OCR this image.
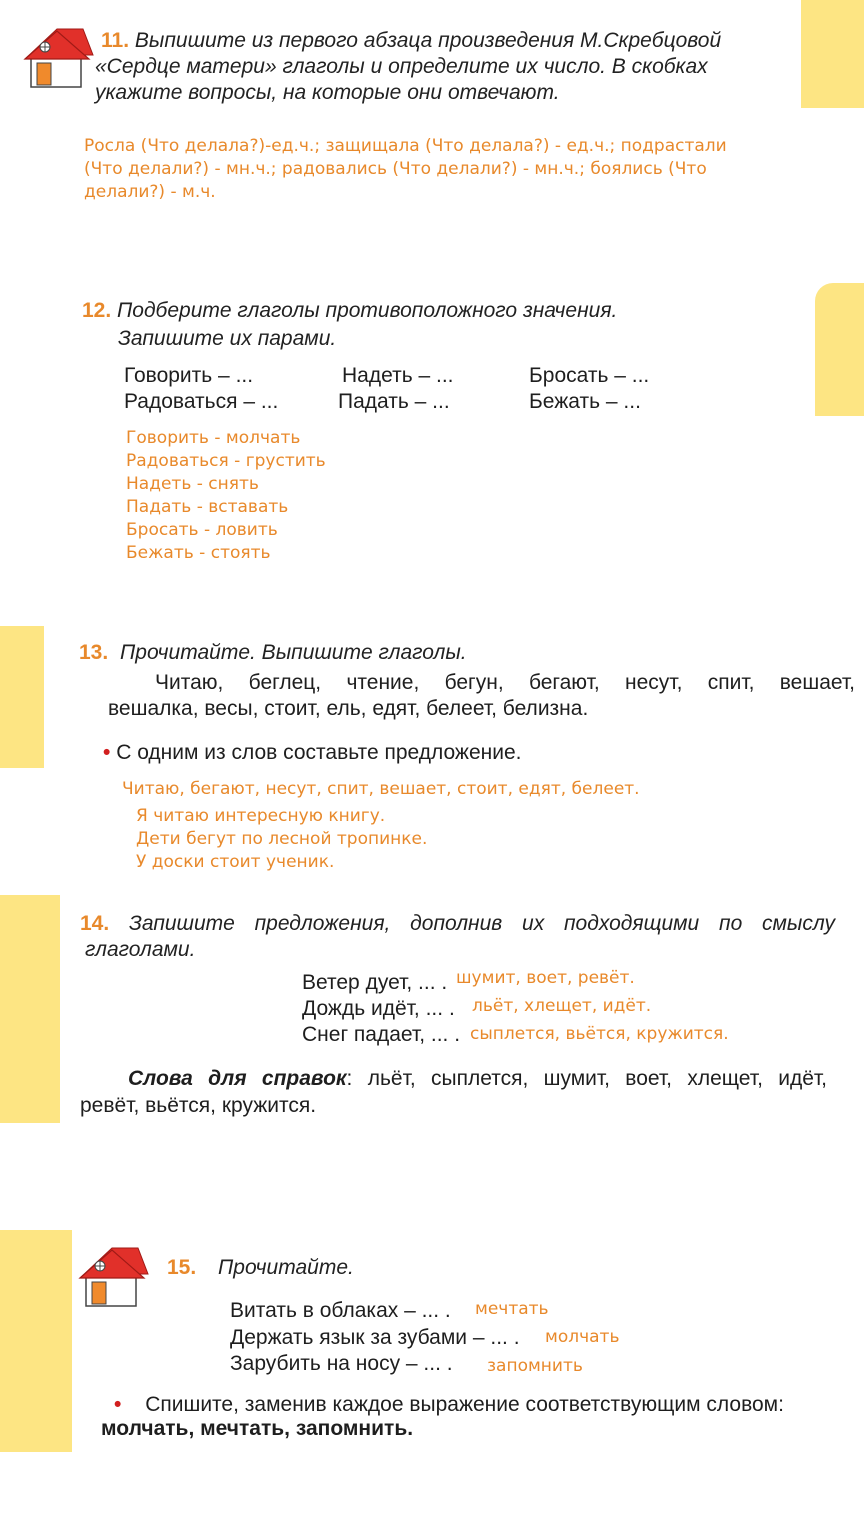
11. Выпишите из первого абзаца произведения М.Скребцовой
«Сердце матери» глаголы и определите их число. В скобках
укажите вопросы, на которые они отвечают.
Росла (Что делала?)-ед.ч.; защищала (Что делала?) - ед.ч.; подрастали
(Что делали?) - мн.ч.; радовались (Что делали?) - мн.ч.; боялись (Что
делали?) - м.ч.
12. Подберите глаголы противоположного значения.
Запишите их парами.
Говорить – ...	Надеть – ...	Бросать – ...
Радоваться – ...	Падать – ...	Бежать – ...
Говорить - молчать
Радоваться - грустить
Надеть - снять
Падать - вставать
Бросать - ловить
Бежать - стоять
13. Прочитайте. Выпишите глаголы.
Читаю, беглец, чтение, бегун, бегают, несут, спит, вешает,
вешалка, весы, стоит, ель, едят, белеет, белизна.
• С одним из слов составьте предложение.
Читаю, бегают, несут, спит, вешает, стоит, едят, белеет.
Я читаю интересную книгу.
Дети бегут по лесной тропинке.
У доски стоит ученик.
14. Запишите предложения, дополнив их подходящими по смыслу
глаголами.
Ветер дует, ... . шумит, воет, ревёт.
Дождь идёт, ... . льёт, хлещет, идёт.
Снег падает, ... . сыплется, вьётся, кружится.
Слова для справок: льёт, сыплется, шумит, воет, хлещет, идёт,
ревёт, вьётся, кружится.
15. Прочитайте.
Витать в облаках – ... . мечтать
Держать язык за зубами – ... . молчать
Зарубить на носу – ... . запомнить
• Спишите, заменив каждое выражение соответствующим словом:
молчать, мечтать, запомнить.
